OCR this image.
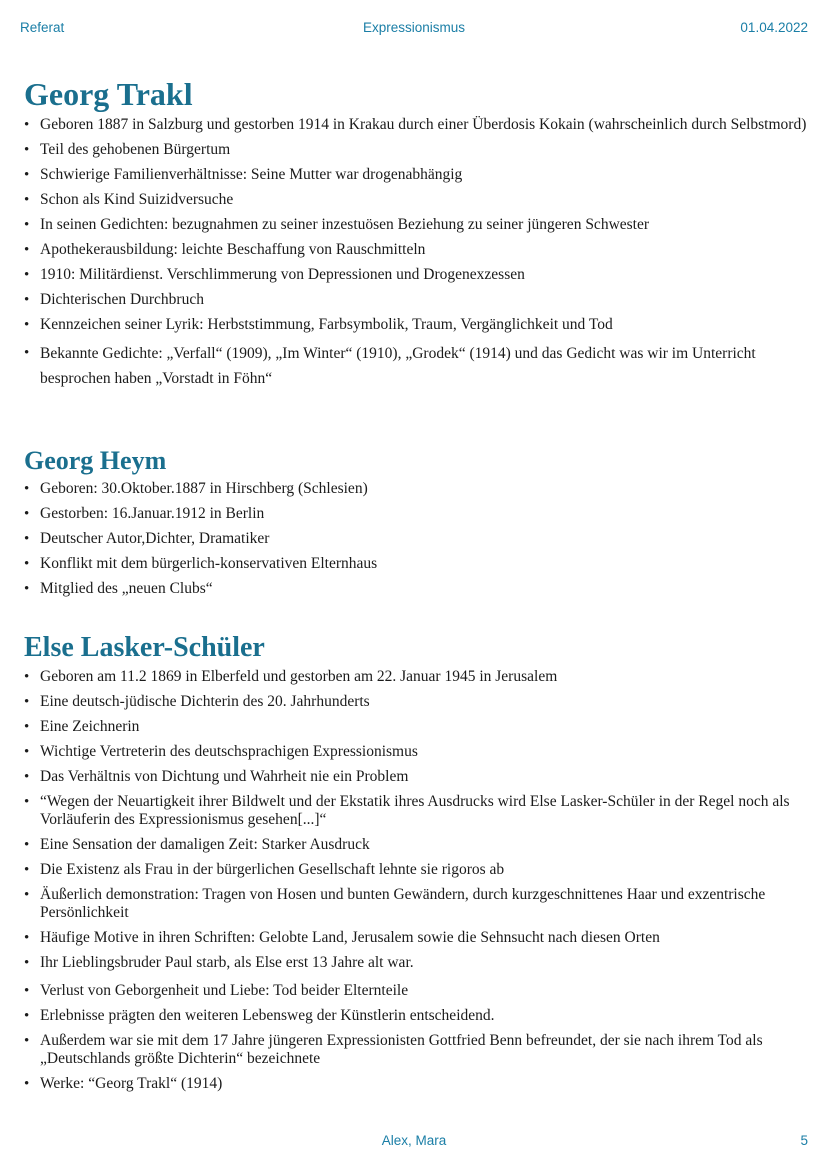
Referat	Expressionismus	01.04.2022
Georg Trakl
• Geboren 1887 in Salzburg und gestorben 1914 in Krakau durch einer Überdosis Kokain (wahrscheinlich durch Selbstmord)
• Teil des gehobenen Bürgertum
• Schwierige Familienverhältnisse: Seine Mutter war drogenabhängig
• Schon als Kind Suizidversuche
• In seinen Gedichten: bezugnahmen zu seiner inzestuösen Beziehung zu seiner jüngeren Schwester
• Apothekerausbildung: leichte Beschaffung von Rauschmitteln
• 1910: Militärdienst. Verschlimmerung von Depressionen und Drogenexzessen
• Dichterischen Durchbruch
• Kennzeichen seiner Lyrik: Herbststimmung, Farbsymbolik, Traum, Vergänglichkeit und Tod
• Bekannte Gedichte: „Verfall“ (1909), „Im Winter“ (1910), „Grodek“ (1914) und das Gedicht was wir im Unterricht besprochen haben „Vorstadt in Föhn“
Georg Heym
• Geboren: 30.Oktober.1887 in Hirschberg (Schlesien)
• Gestorben: 16.Januar.1912 in Berlin
• Deutscher Autor,Dichter, Dramatiker
• Konflikt mit dem bürgerlich-konservativen Elternhaus
• Mitglied des „neuen Clubs“
Else Lasker-Schüler
• Geboren am 11.2 1869 in Elberfeld und gestorben am 22. Januar 1945 in Jerusalem
• Eine deutsch-jüdische Dichterin des 20. Jahrhunderts
• Eine Zeichnerin
• Wichtige Vertreterin des deutschsprachigen Expressionismus
• Das Verhältnis von Dichtung und Wahrheit nie ein Problem
• “Wegen der Neuartigkeit ihrer Bildwelt und der Ekstatik ihres Ausdrucks wird Else Lasker-Schüler in der Regel noch als Vorläuferin des Expressionismus gesehen[...]“
• Eine Sensation der damaligen Zeit: Starker Ausdruck
• Die Existenz als Frau in der bürgerlichen Gesellschaft lehnte sie rigoros ab
• Äußerlich demonstration: Tragen von Hosen und bunten Gewändern, durch kurzgeschnittenes Haar und exzentrische Persönlichkeit
• Häufige Motive in ihren Schriften: Gelobte Land, Jerusalem sowie die Sehnsucht nach diesen Orten
• Ihr Lieblingsbruder Paul starb, als Else erst 13 Jahre alt war.
• Verlust von Geborgenheit und Liebe: Tod beider Elternteile
• Erlebnisse prägten den weiteren Lebensweg der Künstlerin entscheidend.
• Außerdem war sie mit dem 17 Jahre jüngeren Expressionisten Gottfried Benn befreundet, der sie nach ihrem Tod als „Deutschlands größte Dichterin“ bezeichnete
• Werke: “Georg Trakl“ (1914)
Alex, Mara	5
